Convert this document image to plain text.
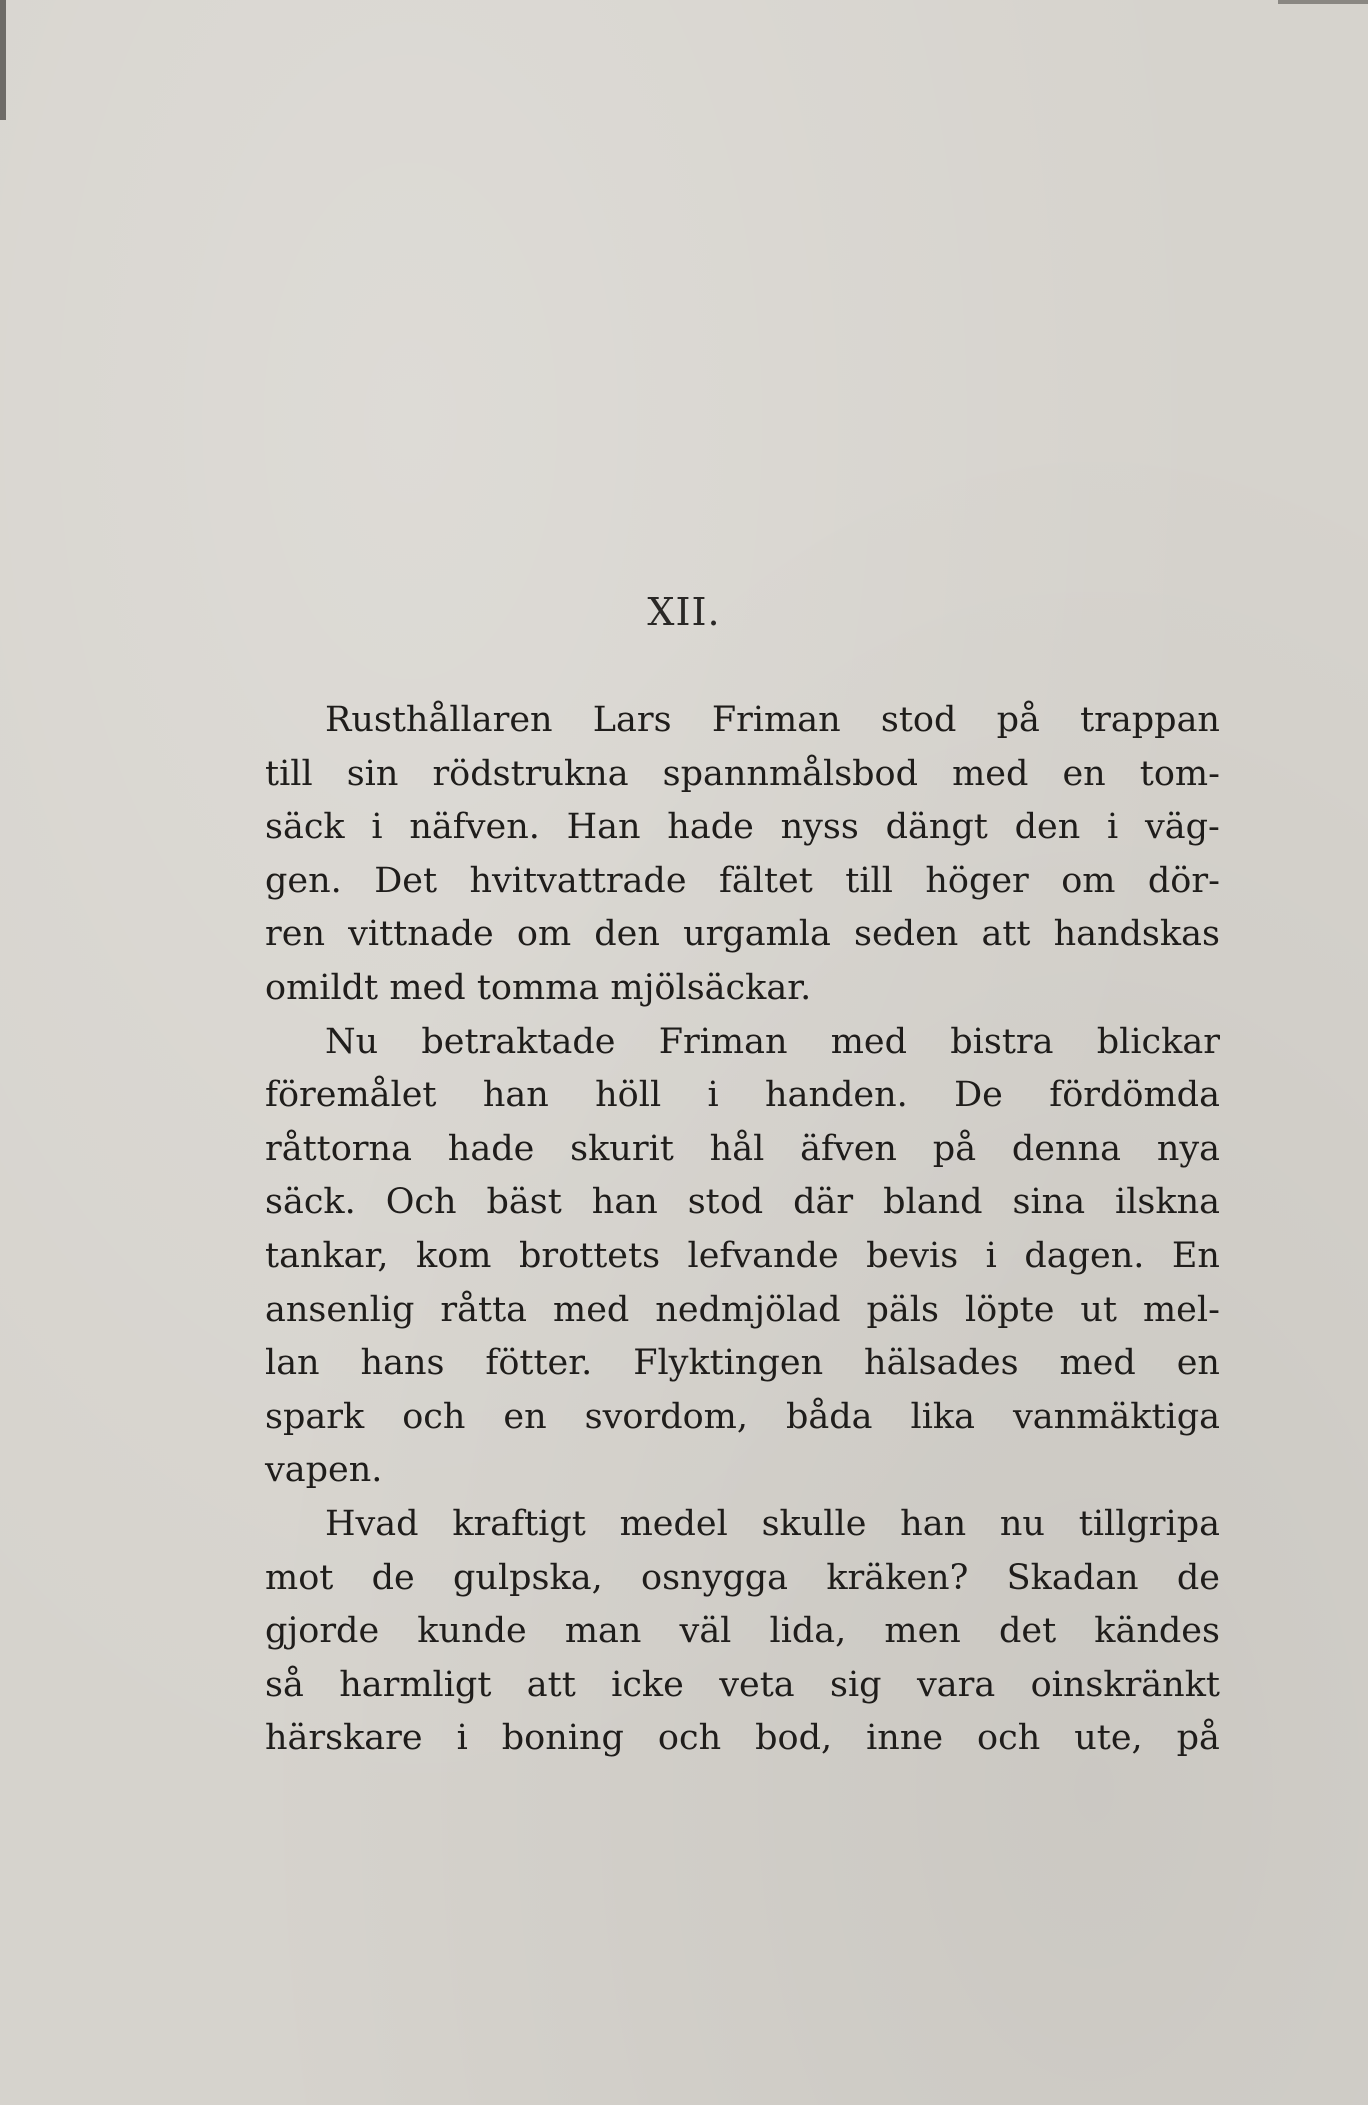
XII.
Rusthållaren Lars Friman stod på trappan
till sin rödstrukna spannmålsbod med en tom-
säck i näfven. Han hade nyss dängt den i väg-
gen. Det hvitvattrade fältet till höger om dör-
ren vittnade om den urgamla seden att handskas
omildt med tomma mjölsäckar.
Nu betraktade Friman med bistra blickar
föremålet han höll i handen. De fördömda
råttorna hade skurit hål äfven på denna nya
säck. Och bäst han stod där bland sina ilskna
tankar, kom brottets lefvande bevis i dagen. En
ansenlig råtta med nedmjölad päls löpte ut mel-
lan hans fötter. Flyktingen hälsades med en
spark och en svordom, båda lika vanmäktiga
vapen.
Hvad kraftigt medel skulle han nu tillgripa
mot de gulpska, osnygga kräken? Skadan de
gjorde kunde man väl lida, men det kändes
så harmligt att icke veta sig vara oinskränkt
härskare i boning och bod, inne och ute, på
